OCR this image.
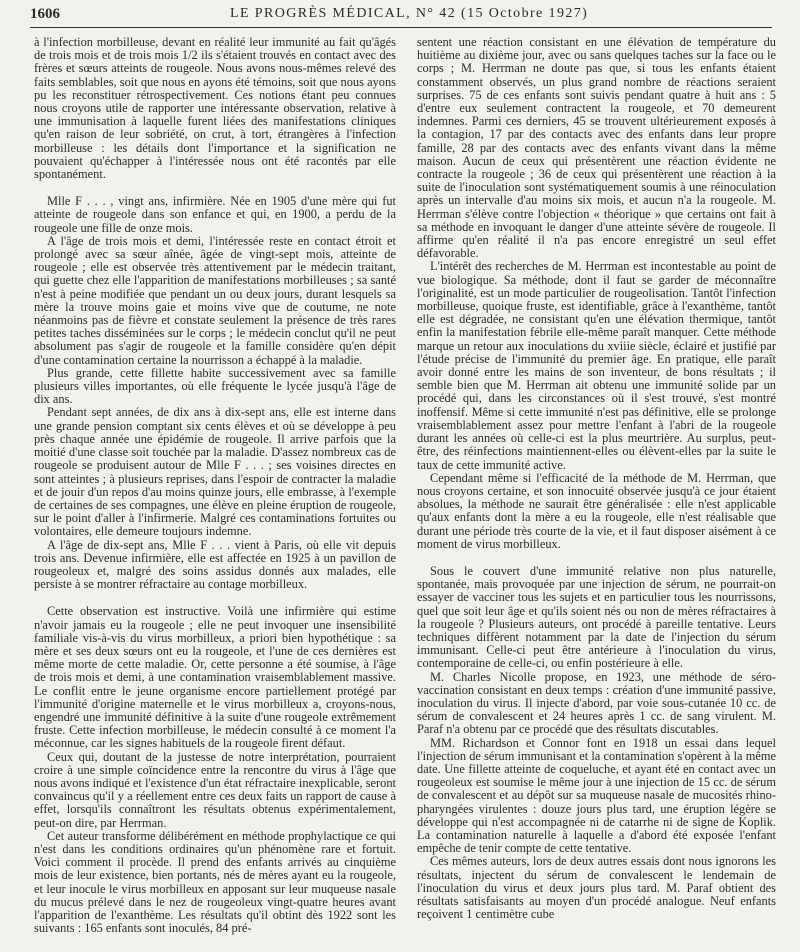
1606	LE PROGRÈS MÉDICAL, N° 42 (15 Octobre 1927)

à l'infection morbilleuse, devant en réalité leur immunité au fait qu'âgés de trois mois et de trois mois 1/2 ils s'étaient trouvés en contact avec des frères et sœurs atteints de rougeole. Nous avons nous-mêmes relevé des faits semblables, soit que nous en ayons été témoins, soit que nous ayons pu les reconstituer rétrospectivement. Ces notions étant peu connues nous croyons utile de rapporter une intéressante observation, relative à une immunisation à laquelle furent liées des manifestations cliniques qu'en raison de leur sobriété, on crut, à tort, étrangères à l'infection morbilleuse : les détails dont l'importance et la signification ne pouvaient qu'échapper à l'intéressée nous ont été racontés par elle spontanément.

Mlle F . . . , vingt ans, infirmière. Née en 1905 d'une mère qui fut atteinte de rougeole dans son enfance et qui, en 1900, a perdu de la rougeole une fille de onze mois.

A l'âge de trois mois et demi, l'intéressée reste en contact étroit et prolongé avec sa sœur aînée, âgée de vingt-sept mois, atteinte de rougeole ; elle est observée très attentivement par le médecin traitant, qui guette chez elle l'apparition de manifestations morbilleuses ; sa santé n'est à peine modifiée que pendant un ou deux jours, durant lesquels sa mère la trouve moins gaie et moins vive que de coutume, ne note néanmoins pas de fièvre et constate seulement la présence de très rares petites taches disséminées sur le corps ; le médecin conclut qu'il ne peut absolument pas s'agir de rougeole et la famille considère qu'en dépit d'une contamination certaine la nourrisson a échappé à la maladie.

Plus grande, cette fillette habite successivement avec sa famille plusieurs villes importantes, où elle fréquente le lycée jusqu'à l'âge de dix ans.

Pendant sept années, de dix ans à dix-sept ans, elle est interne dans une grande pension comptant six cents élèves et où se développe à peu près chaque année une épidémie de rougeole. Il arrive parfois que la moitié d'une classe soit touchée par la maladie. D'assez nombreux cas de rougeole se produisent autour de Mlle F . . . ; ses voisines directes en sont atteintes ; à plusieurs reprises, dans l'espoir de contracter la maladie et de jouir d'un repos d'au moins quinze jours, elle embrasse, à l'exemple de certaines de ses compagnes, une élève en pleine éruption de rougeole, sur le point d'aller à l'infirmerie. Malgré ces contaminations fortuites ou volontaires, elle demeure toujours indemne.

A l'âge de dix-sept ans, Mlle F . . . vient à Paris, où elle vit depuis trois ans. Devenue infirmière, elle est affectée en 1925 à un pavillon de rougeoleux et, malgré des soins assidus donnés aux malades, elle persiste à se montrer réfractaire au contage morbilleux.

Cette observation est instructive. Voilà une infirmière qui estime n'avoir jamais eu la rougeole ; elle ne peut invoquer une insensibilité familiale vis-à-vis du virus morbilleux, a priori bien hypothétique : sa mère et ses deux sœurs ont eu la rougeole, et l'une de ces dernières est même morte de cette maladie. Or, cette personne a été soumise, à l'âge de trois mois et demi, à une contamination vraisemblablement massive. Le conflit entre le jeune organisme encore partiellement protégé par l'immunité d'origine maternelle et le virus morbilleux a, croyons-nous, engendré une immunité définitive à la suite d'une rougeole extrêmement fruste. Cette infection morbilleuse, le médecin consulté à ce moment l'a méconnue, car les signes habituels de la rougeole firent défaut.

Ceux qui, doutant de la justesse de notre interprétation, pourraient croire à une simple coïncidence entre la rencontre du virus à l'âge que nous avons indiqué et l'existence d'un état réfractaire inexplicable, seront convaincus qu'il y a réellement entre ces deux faits un rapport de cause à effet, lorsqu'ils connaîtront les résultats obtenus expérimentalement, peut-on dire, par Herrman.

Cet auteur transforme délibérément en méthode prophylactique ce qui n'est dans les conditions ordinaires qu'un phénomène rare et fortuit. Voici comment il procède. Il prend des enfants arrivés au cinquième mois de leur existence, bien portants, nés de mères ayant eu la rougeole, et leur inocule le virus morbilleux en apposant sur leur muqueuse nasale du mucus prélevé dans le nez de rougeoleux vingt-quatre heures avant l'apparition de l'exanthème. Les résultats qu'il obtint dès 1922 sont les suivants : 165 enfants sont inoculés, 84 pré-

sentent une réaction consistant en une élévation de température du huitième au dixième jour, avec ou sans quelques taches sur la face ou le corps ; M. Herrman ne doute pas que, si tous les enfants étaient constamment observés, un plus grand nombre de réactions seraient surprises. 75 de ces enfants sont suivis pendant quatre à huit ans : 5 d'entre eux seulement contractent la rougeole, et 70 demeurent indemnes. Parmi ces derniers, 45 se trouvent ultérieurement exposés à la contagion, 17 par des contacts avec des enfants dans leur propre famille, 28 par des contacts avec des enfants vivant dans la même maison. Aucun de ceux qui présentèrent une réaction évidente ne contracte la rougeole ; 36 de ceux qui présentèrent une réaction à la suite de l'inoculation sont systématiquement soumis à une réinoculation après un intervalle d'au moins six mois, et aucun n'a la rougeole. M. Herrman s'élève contre l'objection « théorique » que certains ont fait à sa méthode en invoquant le danger d'une atteinte sévère de rougeole. Il affirme qu'en réalité il n'a pas encore enregistré un seul effet défavorable.

L'intérêt des recherches de M. Herrman est incontestable au point de vue biologique. Sa méthode, dont il faut se garder de méconnaître l'originalité, est un mode particulier de rougeolisation. Tantôt l'infection morbilleuse, quoique fruste, est identifiable, grâce à l'exanthème, tantôt elle est dégradée, ne consistant qu'en une élévation thermique, tantôt enfin la manifestation fébrile elle-même paraît manquer. Cette méthode marque un retour aux inoculations du xviiie siècle, éclairé et justifié par l'étude précise de l'immunité du premier âge. En pratique, elle paraît avoir donné entre les mains de son inventeur, de bons résultats ; il semble bien que M. Herrman ait obtenu une immunité solide par un procédé qui, dans les circonstances où il s'est trouvé, s'est montré inoffensif. Même si cette immunité n'est pas définitive, elle se prolonge vraisemblablement assez pour mettre l'enfant à l'abri de la rougeole durant les années où celle-ci est la plus meurtrière. Au surplus, peut-être, des réinfections maintiennent-elles ou élèvent-elles par la suite le taux de cette immunité active.

Cependant même si l'efficacité de la méthode de M. Herrman, que nous croyons certaine, et son innocuité observée jusqu'à ce jour étaient absolues, la méthode ne saurait être généralisée : elle n'est applicable qu'aux enfants dont la mère a eu la rougeole, elle n'est réalisable que durant une période très courte de la vie, et il faut disposer aisément à ce moment de virus morbilleux.

Sous le couvert d'une immunité relative non plus naturelle, spontanée, mais provoquée par une injection de sérum, ne pourrait-on essayer de vacciner tous les sujets et en particulier tous les nourrissons, quel que soit leur âge et qu'ils soient nés ou non de mères réfractaires à la rougeole ? Plusieurs auteurs, ont procédé à pareille tentative. Leurs techniques diffèrent notamment par la date de l'injection du sérum immunisant. Celle-ci peut être antérieure à l'inoculation du virus, contemporaine de celle-ci, ou enfin postérieure à elle.

M. Charles Nicolle propose, en 1923, une méthode de séro-vaccination consistant en deux temps : création d'une immunité passive, inoculation du virus. Il injecte d'abord, par voie sous-cutanée 10 cc. de sérum de convalescent et 24 heures après 1 cc. de sang virulent. M. Paraf n'a obtenu par ce procédé que des résultats discutables.

MM. Richardson et Connor font en 1918 un essai dans lequel l'injection de sérum immunisant et la contamination s'opèrent à la même date. Une fillette atteinte de coqueluche, et ayant été en contact avec un rougeoleux est soumise le même jour à une injection de 15 cc. de sérum de convalescent et au dépôt sur sa muqueuse nasale de mucosités rhino-pharyngées virulentes : douze jours plus tard, une éruption légère se développe qui n'est accompagnée ni de catarrhe ni de signe de Koplik. La contamination naturelle à laquelle a d'abord été exposée l'enfant empêche de tenir compte de cette tentative.

Ces mêmes auteurs, lors de deux autres essais dont nous ignorons les résultats, injectent du sérum de convalescent le lendemain de l'inoculation du virus et deux jours plus tard. M. Paraf obtient des résultats satisfaisants au moyen d'un procédé analogue. Neuf enfants reçoivent 1 centimètre cube
